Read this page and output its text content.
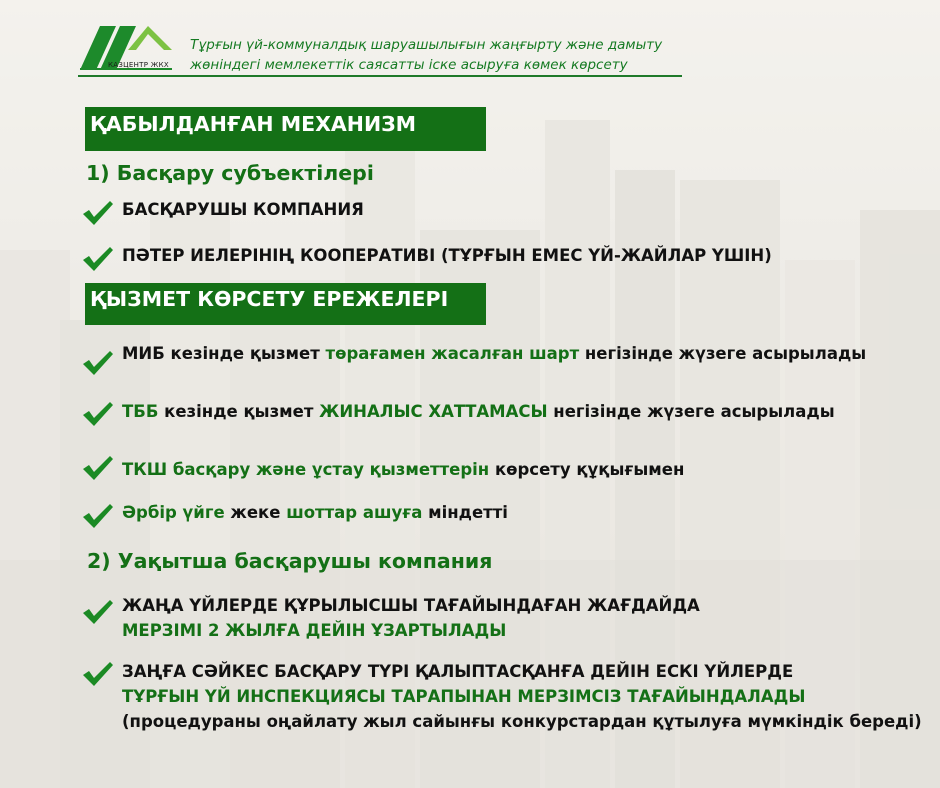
КАЗЦЕНТР ЖКХ
Тұрғын үй-коммуналдық шаруашылығын жаңғырту және дамыту
жөніндегі мемлекеттік саясатты іске асыруға көмек көрсету
ҚАБЫЛДАНҒАН МЕХАНИЗМ
1) Басқару субъектілері
БАСҚАРУШЫ КОМПАНИЯ
ПӘТЕР ИЕЛЕРІНІҢ КООПЕРАТИВІ (ТҰРҒЫН ЕМЕС ҮЙ-ЖАЙЛАР ҮШІН)
ҚЫЗМЕТ КӨРСЕТУ ЕРЕЖЕЛЕРІ
МИБ кезінде қызмет төрағамен жасалған шарт негізінде жүзеге асырылады
ТББ кезінде қызмет ЖИНАЛЫС ХАТТАМАСЫ негізінде жүзеге асырылады
ТКШ басқару және ұстау қызметтерін көрсету құқығымен
Әрбір үйге жеке шоттар ашуға міндетті
2) Уақытша басқарушы компания
ЖАҢА ҮЙЛЕРДЕ ҚҰРЫЛЫСШЫ ТАҒАЙЫНДАҒАН ЖАҒДАЙДА
МЕРЗІМІ 2 ЖЫЛҒА ДЕЙІН ҰЗАРТЫЛАДЫ
ЗАҢҒА СӘЙКЕС БАСҚАРУ ТҮРІ ҚАЛЫПТАСҚАНҒА ДЕЙІН ЕСКІ ҮЙЛЕРДЕ
ТҰРҒЫН ҮЙ ИНСПЕКЦИЯСЫ ТАРАПЫНАН МЕРЗІМСІЗ ТАҒАЙЫНДАЛАДЫ
(процедураны оңайлату жыл сайынғы конкурстардан құтылуға мүмкіндік береді)
